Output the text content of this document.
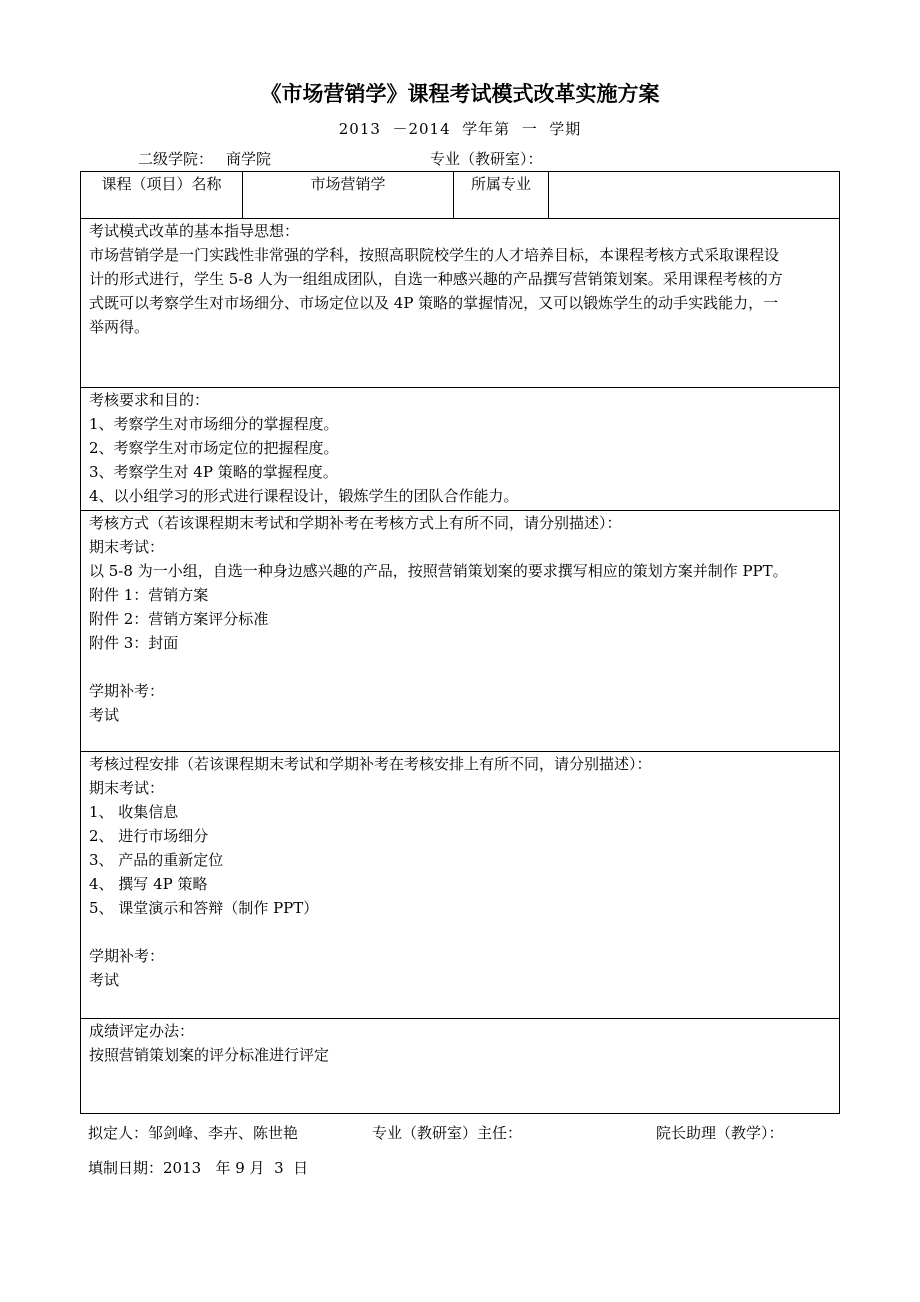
《市场营销学》课程考试模式改革实施方案
2013  －2014  学年第  一  学期
二级学院： 商学院	专业（教研室）：
课程（项目）名称	市场营销学	所属专业	

考试模式改革的基本指导思想：
市场营销学是一门实践性非常强的学科，按照高职院校学生的人才培养目标，本课程考核方式采取课程设
计的形式进行，学生 5-8 人为一组组成团队，自选一种感兴趣的产品撰写营销策划案。采用课程考核的方
式既可以考察学生对市场细分、市场定位以及 4P 策略的掌握情况，又可以锻炼学生的动手实践能力，一
举两得。

考核要求和目的：
1、考察学生对市场细分的掌握程度。
2、考察学生对市场定位的把握程度。
3、考察学生对 4P 策略的掌握程度。
4、以小组学习的形式进行课程设计，锻炼学生的团队合作能力。

考核方式（若该课程期末考试和学期补考在考核方式上有所不同，请分别描述）：
期末考试：
以 5-8 为一小组，自选一种身边感兴趣的产品，按照营销策划案的要求撰写相应的策划方案并制作 PPT。
附件 1：营销方案
附件 2：营销方案评分标准
附件 3：封面
学期补考：
考试

考核过程安排（若该课程期末考试和学期补考在考核安排上有所不同，请分别描述）：
期末考试：
1、 收集信息
2、 进行市场细分
3、 产品的重新定位
4、 撰写 4P 策略
5、 课堂演示和答辩（制作 PPT）
学期补考：
考试

成绩评定办法：
按照营销策划案的评分标准进行评定
拟定人：邹剑峰、李卉、陈世艳	专业（教研室）主任：	院长助理（教学）：
填制日期：2013   年 9 月  3  日
